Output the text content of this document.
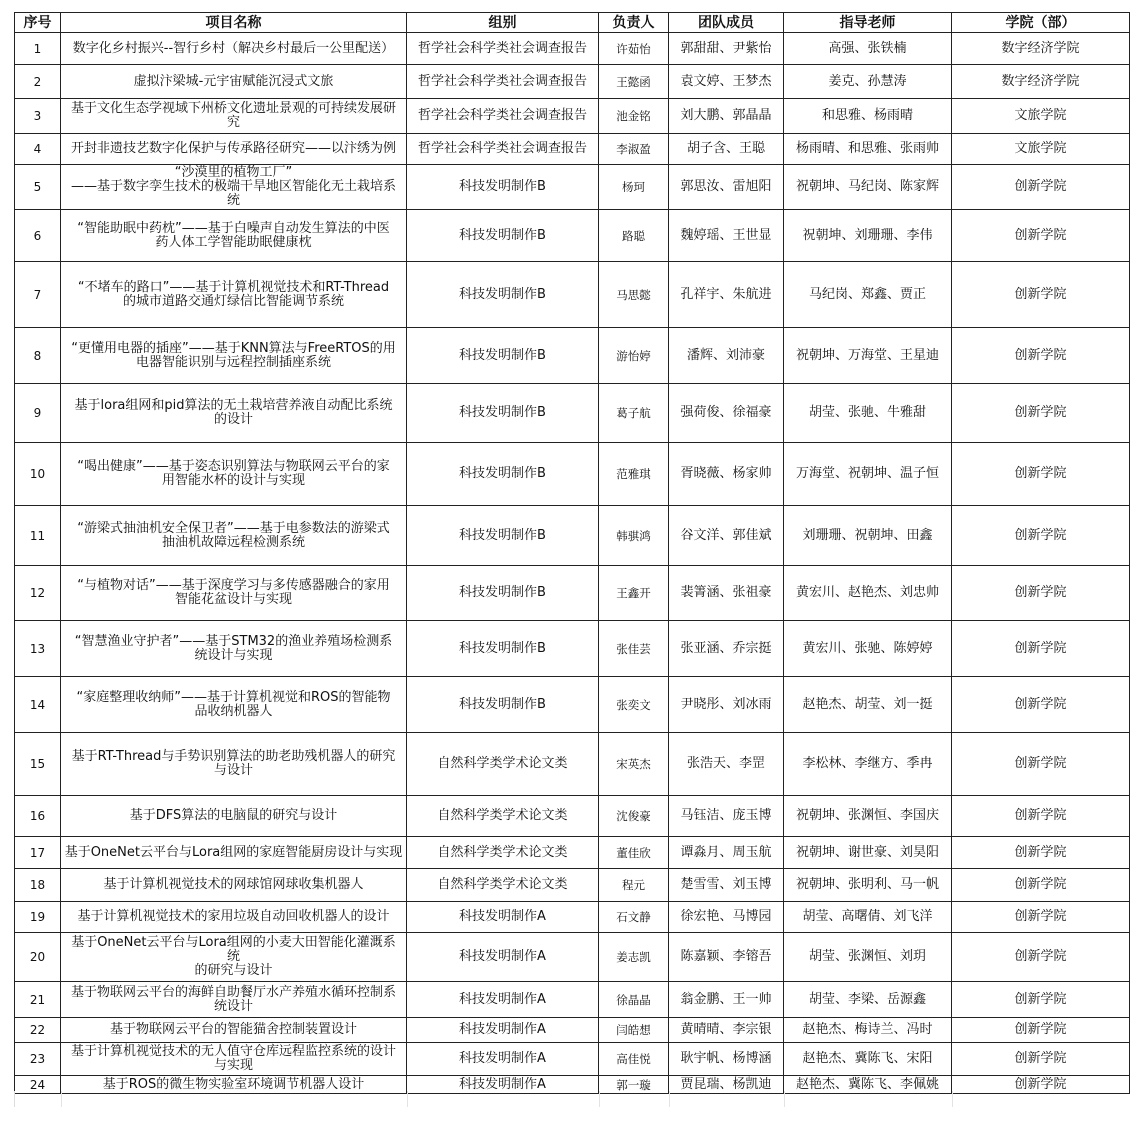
序号	项目名称	组别	负责人	团队成员	指导老师	学院（部）
1	数字化乡村振兴--智行乡村（解决乡村最后一公里配送）	哲学社会科学类社会调查报告	许茹怡	郭甜甜、尹紫怡	高强、张铁楠	数字经济学院
2	虚拟汴梁城-元宇宙赋能沉浸式文旅	哲学社会科学类社会调查报告	王懿函	袁文婷、王梦杰	姜克、孙慧涛	数字经济学院
3	基于文化生态学视域下州桥文化遗址景观的可持续发展研
究	哲学社会科学类社会调查报告	池金铭	刘大鹏、郭晶晶	和思雅、杨雨晴	文旅学院
4	开封非遗技艺数字化保护与传承路径研究——以汴绣为例	哲学社会科学类社会调查报告	李淑盈	胡子含、王聪	杨雨晴、和思雅、张雨帅	文旅学院
5	“沙漠里的植物工厂”
——基于数字孪生技术的极端干旱地区智能化无土栽培系
统	科技发明制作B	杨珂	郭思汝、雷旭阳	祝朝坤、马纪岗、陈家辉	创新学院
6	“智能助眠中药枕”——基于白噪声自动发生算法的中医
药人体工学智能助眠健康枕	科技发明制作B	路聪	魏婷瑶、王世显	祝朝坤、刘珊珊、李伟	创新学院
7	“不堵车的路口”——基于计算机视觉技术和RT-Thread
的城市道路交通灯绿信比智能调节系统	科技发明制作B	马思懿	孔祥宇、朱航进	马纪岗、郑鑫、贾正	创新学院
8	“更懂用电器的插座”——基于KNN算法与FreeRTOS的用
电器智能识别与远程控制插座系统	科技发明制作B	游怡婷	潘辉、刘沛豪	祝朝坤、万海堂、王星迪	创新学院
9	基于lora组网和pid算法的无土栽培营养液自动配比系统
的设计	科技发明制作B	葛子航	强荷俊、徐福豪	胡莹、张驰、牛雅甜	创新学院
10	“喝出健康”——基于姿态识别算法与物联网云平台的家
用智能水杯的设计与实现	科技发明制作B	范雅琪	胥晓薇、杨家帅	万海堂、祝朝坤、温子恒	创新学院
11	“游梁式抽油机安全保卫者”——基于电参数法的游梁式
抽油机故障远程检测系统	科技发明制作B	韩骐鸿	谷文洋、郭佳斌	刘珊珊、祝朝坤、田鑫	创新学院
12	“与植物对话”——基于深度学习与多传感器融合的家用
智能花盆设计与实现	科技发明制作B	王鑫开	裴箐涵、张祖豪	黄宏川、赵艳杰、刘忠帅	创新学院
13	“智慧渔业守护者”——基于STM32的渔业养殖场检测系
统设计与实现	科技发明制作B	张佳芸	张亚涵、乔宗挺	黄宏川、张驰、陈婷婷	创新学院
14	“家庭整理收纳师”——基于计算机视觉和ROS的智能物
品收纳机器人	科技发明制作B	张奕文	尹晓彤、刘冰雨	赵艳杰、胡莹、刘一挺	创新学院
15	基于RT-Thread与手势识别算法的助老助残机器人的研究
与设计	自然科学类学术论文类	宋英杰	张浩天、李罡	李松林、李继方、季冉	创新学院
16	基于DFS算法的电脑鼠的研究与设计	自然科学类学术论文类	沈俊豪	马钰洁、庞玉博	祝朝坤、张渊恒、李国庆	创新学院
17	基于OneNet云平台与Lora组网的家庭智能厨房设计与实现	自然科学类学术论文类	董佳欣	谭淼月、周玉航	祝朝坤、谢世豪、刘昊阳	创新学院
18	基于计算机视觉技术的网球馆网球收集机器人	自然科学类学术论文类	程元	楚雪雪、刘玉博	祝朝坤、张明利、马一帆	创新学院
19	基于计算机视觉技术的家用垃圾自动回收机器人的设计	科技发明制作A	石文静	徐宏艳、马博园	胡莹、高曙倩、刘飞洋	创新学院
20	基于OneNet云平台与Lora组网的小麦大田智能化灌溉系
统
的研究与设计	科技发明制作A	姜志凯	陈嘉颖、李镕吾	胡莹、张渊恒、刘玥	创新学院
21	基于物联网云平台的海鲜自助餐厅水产养殖水循环控制系
统设计	科技发明制作A	徐晶晶	翁金鹏、王一帅	胡莹、李梁、岳源鑫	创新学院
22	基于物联网云平台的智能猫舍控制装置设计	科技发明制作A	闫皓想	黄晴晴、李宗银	赵艳杰、梅诗兰、冯时	创新学院
23	基于计算机视觉技术的无人值守仓库远程监控系统的设计
与实现	科技发明制作A	高佳悦	耿宇帆、杨博涵	赵艳杰、冀陈飞、宋阳	创新学院
24	基于ROS的微生物实验室环境调节机器人设计	科技发明制作A	郭一璇	贾昆瑞、杨凯迪	赵艳杰、冀陈飞、李佩姚	创新学院
